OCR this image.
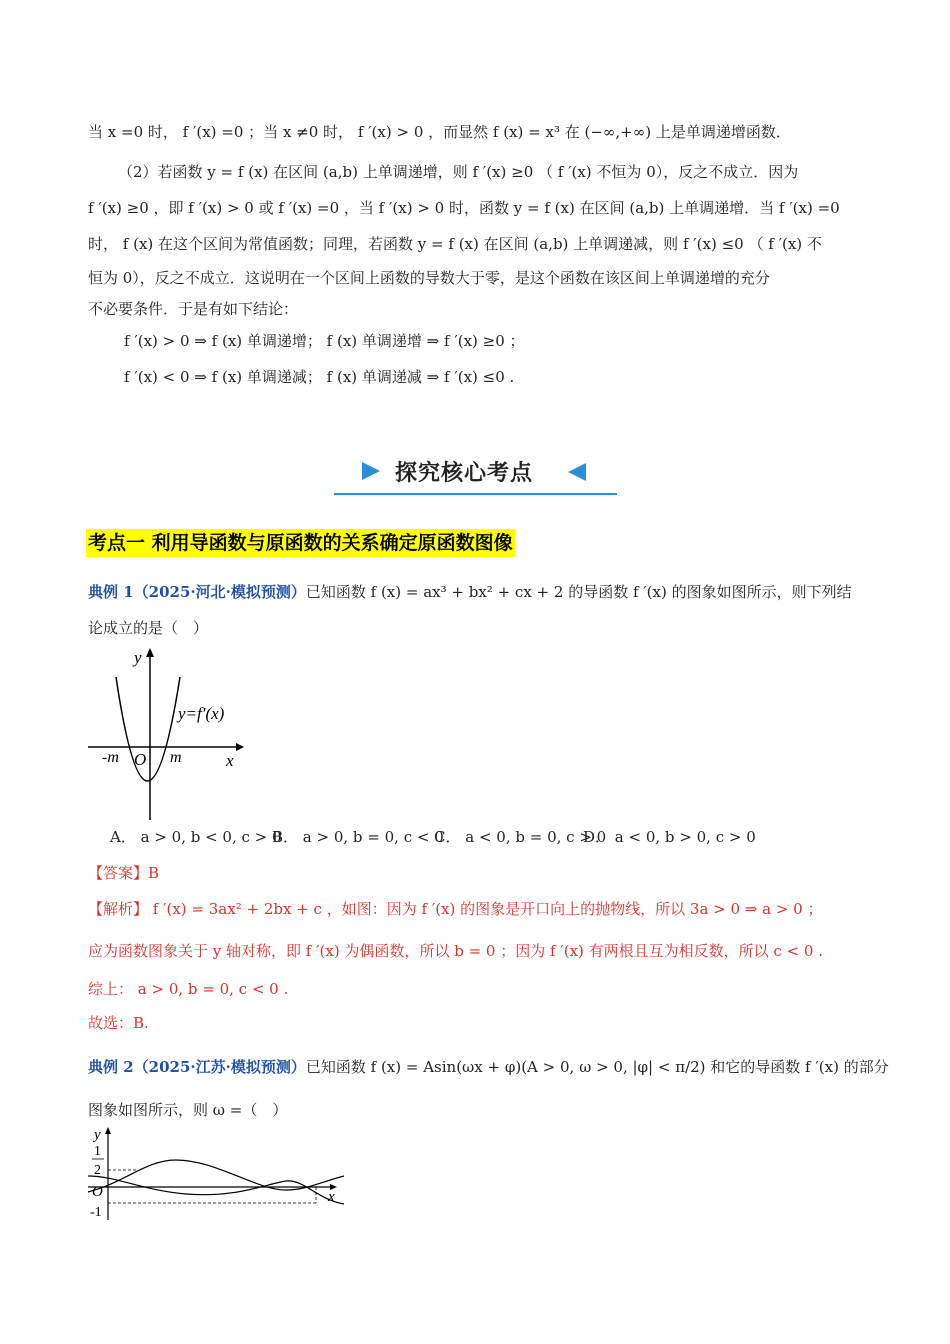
当 x =0 时， f ′(x) =0 ；当 x ≠0 时， f ′(x) > 0 ，而显然 f (x) = x³ 在 (−∞,+∞) 上是单调递增函数．
（2）若函数 y = f (x) 在区间 (a,b) 上单调递增，则 f ′(x) ≥0 （ f ′(x) 不恒为 0），反之不成立．因为
f ′(x) ≥0 ，即 f ′(x) > 0 或 f ′(x) =0 ，当 f ′(x) > 0 时，函数 y = f (x) 在区间 (a,b) 上单调递增．当 f ′(x) =0
时， f (x) 在这个区间为常值函数；同理，若函数 y = f (x) 在区间 (a,b) 上单调递减，则 f ′(x) ≤0 （ f ′(x) 不
恒为 0），反之不成立．这说明在一个区间上函数的导数大于零，是这个函数在该区间上单调递增的充分
不必要条件．于是有如下结论：
f ′(x) > 0 ⇒ f (x) 单调递增； f (x) 单调递增 ⇒ f ′(x) ≥0 ；
f ′(x) < 0 ⇒ f (x) 单调递减； f (x) 单调递减 ⇒ f ′(x) ≤0 .
探究核心考点
考点一 利用导函数与原函数的关系确定原函数图像
典例 1（2025·河北·模拟预测）已知函数 f (x) = ax³ + bx² + cx + 2 的导函数 f ′(x) 的图象如图所示，则下列结
论成立的是（　）
y
x
y=f′(x)
O
-m	m
A． a > 0, b < 0, c > 0
B． a > 0, b = 0, c < 0
C． a < 0, b = 0, c > 0
D． a < 0, b > 0, c > 0
【答案】B
【解析】 f ′(x) = 3ax² + 2bx + c ，如图：因为 f ′(x) 的图象是开口向上的抛物线，所以 3a > 0 ⇒ a > 0 ；
应为函数图象关于 y 轴对称，即 f ′(x) 为偶函数，所以 b = 0 ；因为 f ′(x) 有两根且互为相反数，所以 c < 0 .
综上： a > 0, b = 0, c < 0 .
故选：B.
典例 2（2025·江苏·模拟预测）已知函数 f (x) = Asin(ωx + φ)(A > 0, ω > 0, |φ| < π/2) 和它的导函数 f ′(x) 的部分
图象如图所示，则 ω =（　）
y
x
1
2
O
-1
